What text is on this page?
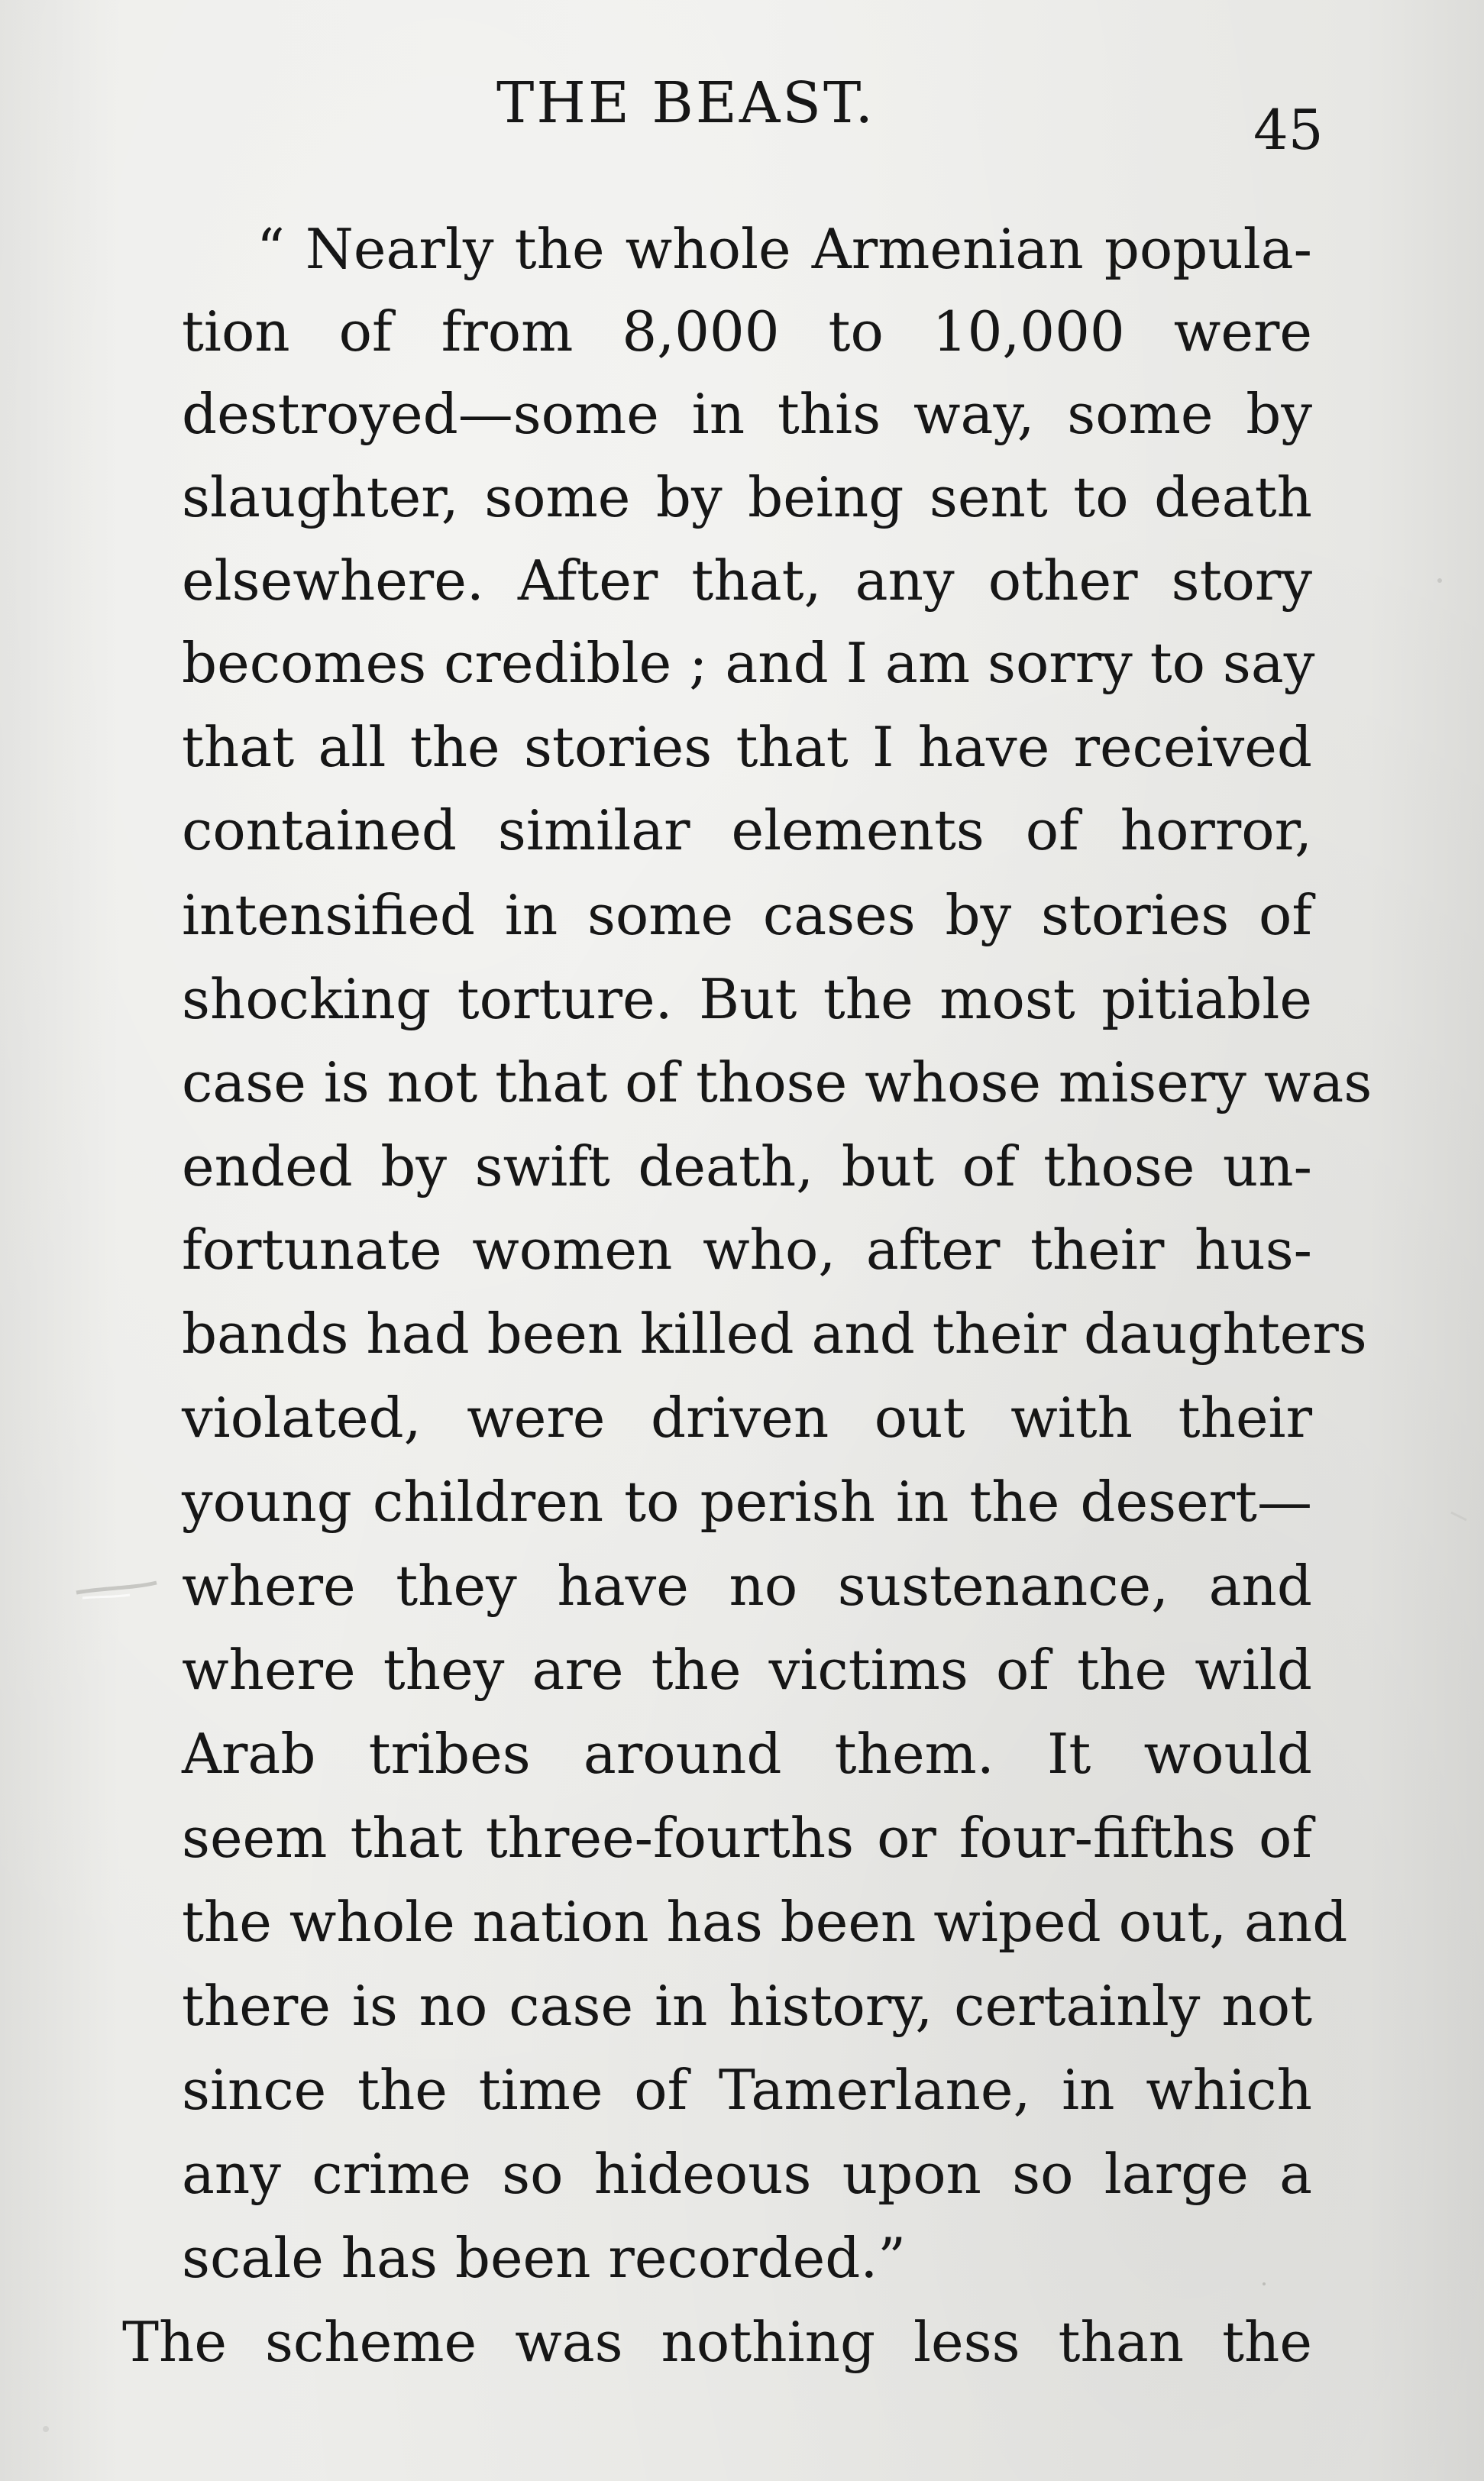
THE BEAST.	45
“ Nearly the whole Armenian popula-
tion of from 8,000 to 10,000 were
destroyed—some in this way, some by
slaughter, some by being sent to death
elsewhere. After that, any other story
becomes credible ; and I am sorry to say
that all the stories that I have received
contained similar elements of horror,
intensified in some cases by stories of
shocking torture. But the most pitiable
case is not that of those whose misery was
ended by swift death, but of those un-
fortunate women who, after their hus-
bands had been killed and their daughters
violated, were driven out with their
young children to perish in the desert—
where they have no sustenance, and
where they are the victims of the wild
Arab tribes around them. It would
seem that three-fourths or four-fifths of
the whole nation has been wiped out, and
there is no case in history, certainly not
since the time of Tamerlane, in which
any crime so hideous upon so large a
scale has been recorded.”
The scheme was nothing less than the
